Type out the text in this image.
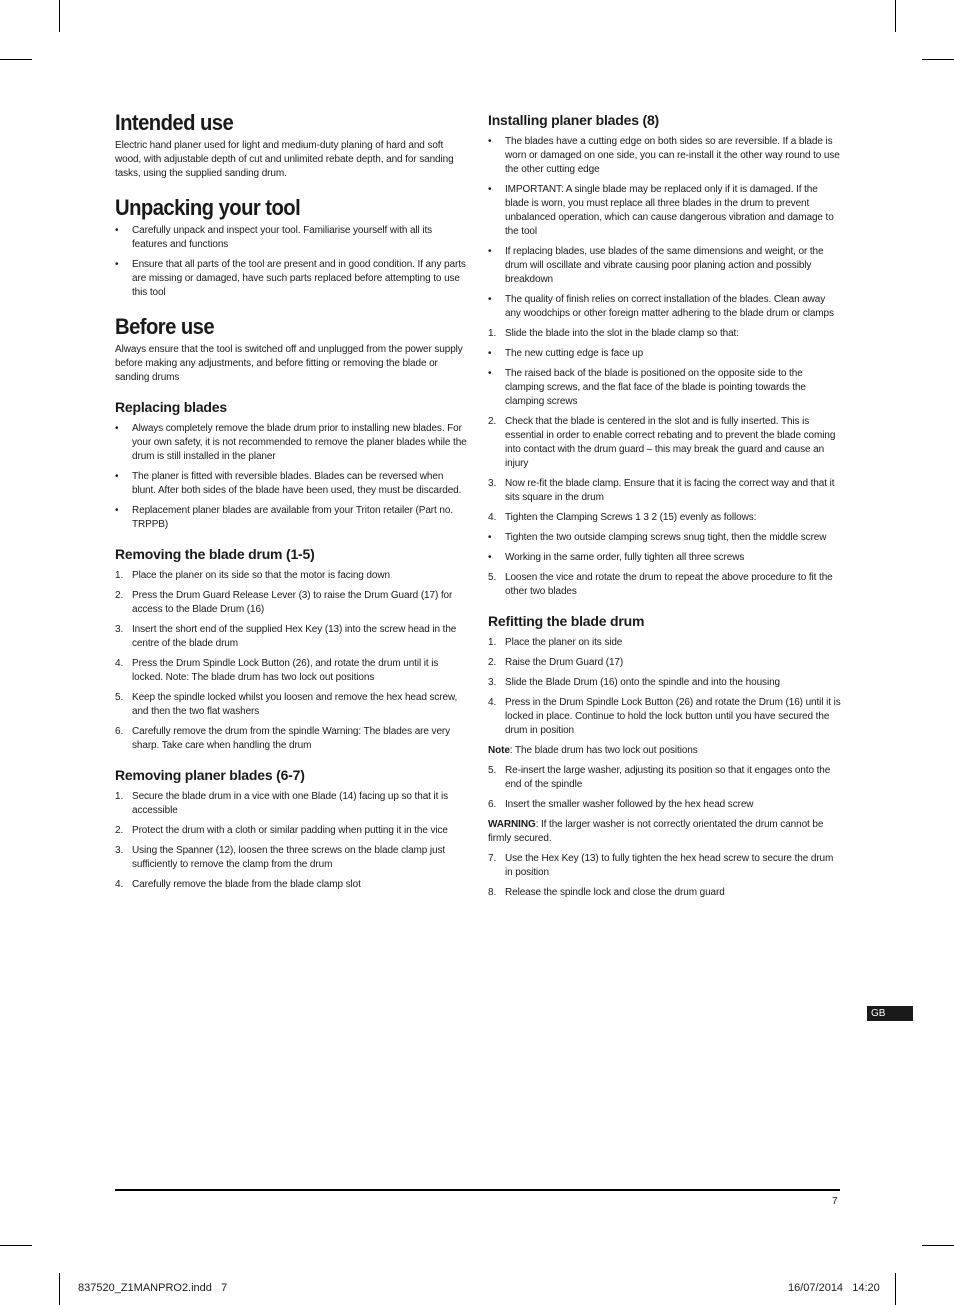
Intended use

Electric hand planer used for light and medium-duty planing of hard and soft wood, with adjustable depth of cut and unlimited rebate depth, and for sanding tasks, using the supplied sanding drum.

Unpacking your tool
• Carefully unpack and inspect your tool. Familiarise yourself with all its features and functions
• Ensure that all parts of the tool are present and in good condition. If any parts are missing or damaged, have such parts replaced before attempting to use this tool
Before use

Always ensure that the tool is switched off and unplugged from the power supply before making any adjustments, and before fitting or removing the blade or sanding drums

Replacing blades
• Always completely remove the blade drum prior to installing new blades. For your own safety, it is not recommended to remove the planer blades while the drum is still installed in the planer
• The planer is fitted with reversible blades. Blades can be reversed when blunt. After both sides of the blade have been used, they must be discarded.
• Replacement planer blades are available from your Triton retailer (Part no. TRPPB)
Removing the blade drum (1-5)
1. Place the planer on its side so that the motor is facing down
2. Press the Drum Guard Release Lever (3) to raise the Drum Guard (17) for access to the Blade Drum (16)
3. Insert the short end of the supplied Hex Key (13) into the screw head in the centre of the blade drum
4. Press the Drum Spindle Lock Button (26), and rotate the drum until it is locked. Note: The blade drum has two lock out positions
5. Keep the spindle locked whilst you loosen and remove the hex head screw, and then the two flat washers
6. Carefully remove the drum from the spindle Warning: The blades are very sharp. Take care when handling the drum
Removing planer blades (6-7)
1. Secure the blade drum in a vice with one Blade (14) facing up so that it is accessible
2. Protect the drum with a cloth or similar padding when putting it in the vice
3. Using the Spanner (12), loosen the three screws on the blade clamp just sufficiently to remove the clamp from the drum
4. Carefully remove the blade from the blade clamp slot
Installing planer blades (8)
• The blades have a cutting edge on both sides so are reversible. If a blade is worn or damaged on one side, you can re-install it the other way round to use the other cutting edge
• IMPORTANT: A single blade may be replaced only if it is damaged. If the blade is worn, you must replace all three blades in the drum to prevent unbalanced operation, which can cause dangerous vibration and damage to the tool
• If replacing blades, use blades of the same dimensions and weight, or the drum will oscillate and vibrate causing poor planing action and possibly breakdown
• The quality of finish relies on correct installation of the blades. Clean away any woodchips or other foreign matter adhering to the blade drum or clamps
1. Slide the blade into the slot in the blade clamp so that:
• The new cutting edge is face up
• The raised back of the blade is positioned on the opposite side to the clamping screws, and the flat face of the blade is pointing towards the clamping screws
2. Check that the blade is centered in the slot and is fully inserted. This is essential in order to enable correct rebating and to prevent the blade coming into contact with the drum guard – this may break the guard and cause an injury
3. Now re-fit the blade clamp. Ensure that it is facing the correct way and that it sits square in the drum
4. Tighten the Clamping Screws 1 3 2 (15) evenly as follows:
• Tighten the two outside clamping screws snug tight, then the middle screw
• Working in the same order, fully tighten all three screws
5. Loosen the vice and rotate the drum to repeat the above procedure to fit the other two blades
Refitting the blade drum
1. Place the planer on its side
2. Raise the Drum Guard (17)
3. Slide the Blade Drum (16) onto the spindle and into the housing
4. Press in the Drum Spindle Lock Button (26) and rotate the Drum (16) until it is locked in place. Continue to hold the lock button until you have secured the drum in position

Note: The blade drum has two lock out positions

5. Re-insert the large washer, adjusting its position so that it engages onto the end of the spindle
6. Insert the smaller washer followed by the hex head screw

WARNING: If the larger washer is not correctly orientated the drum cannot be firmly secured.

7. Use the Hex Key (13) to fully tighten the hex head screw to secure the drum in position
8. Release the spindle lock and close the drum guard
GB
7
837520_Z1MANPRO2.indd   7	16/07/2014   14:20
